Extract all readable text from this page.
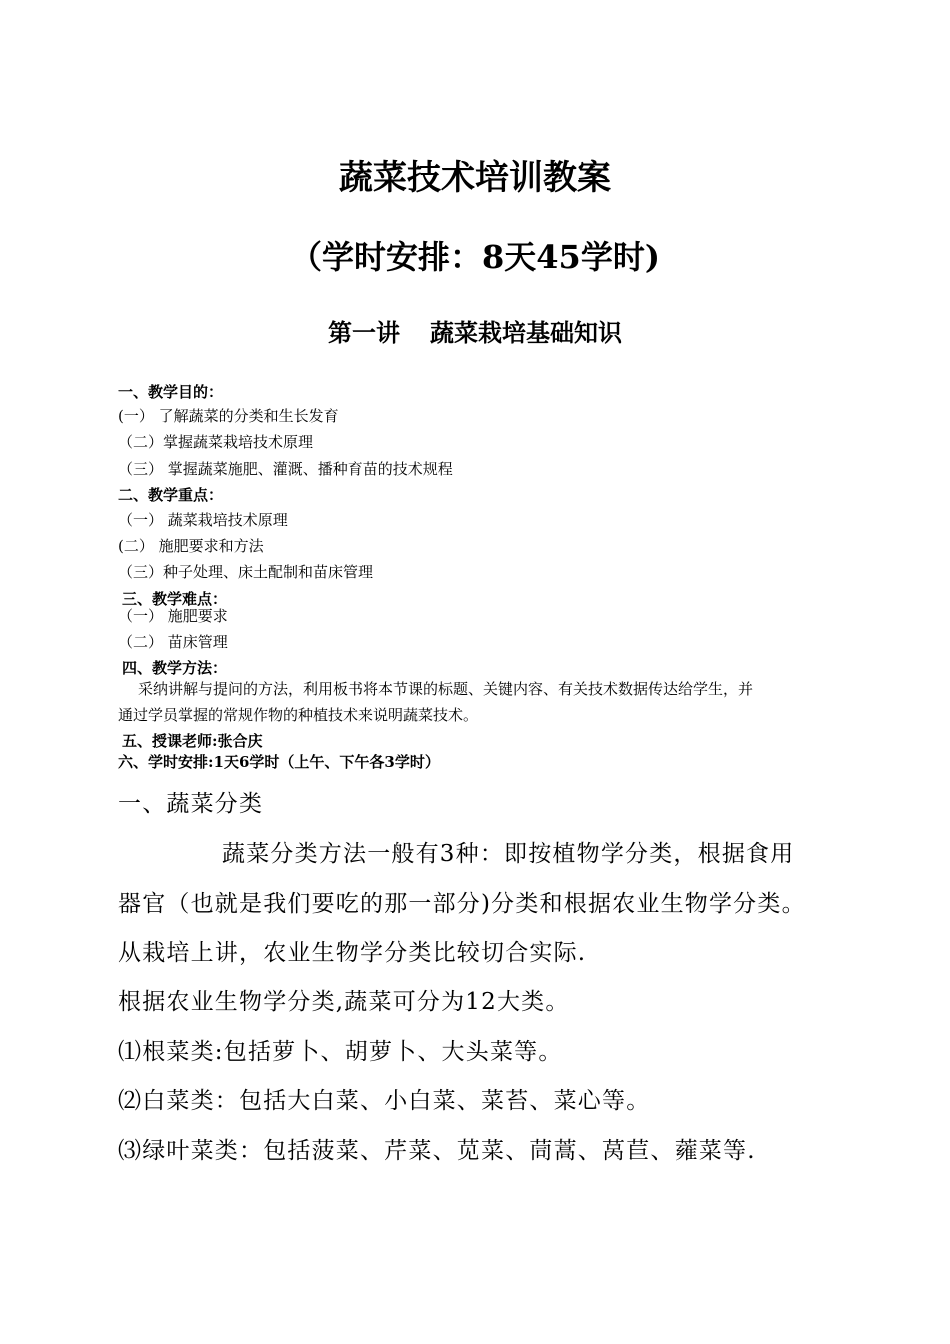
蔬菜技术培训教案
（学时安排：8天45学时)
第一讲 蔬菜栽培基础知识
一、教学目的：
(一） 了解蔬菜的分类和生长发育
（二）掌握蔬菜栽培技术原理
（三） 掌握蔬菜施肥、灌溉、播种育苗的技术规程
二、教学重点：
（一） 蔬菜栽培技术原理
(二） 施肥要求和方法
（三）种子处理、床土配制和苗床管理
三、教学难点：
（一） 施肥要求
（二） 苗床管理
四、教学方法：
采纳讲解与提问的方法，利用板书将本节课的标题、关键内容、有关技术数据传达给学生，并
通过学员掌握的常规作物的种植技术来说明蔬菜技术。
五、授课老师:张合庆
六、学时安排:1天6学时（上午、下午各3学时）
一、蔬菜分类
蔬菜分类方法一般有3种：即按植物学分类，根据食用
器官（也就是我们要吃的那一部分)分类和根据农业生物学分类。
从栽培上讲，农业生物学分类比较切合实际.
根据农业生物学分类,蔬菜可分为12大类。
⑴根菜类:包括萝卜、胡萝卜、大头菜等。
⑵白菜类：包括大白菜、小白菜、菜苔、菜心等。
⑶绿叶菜类：包括菠菜、芹菜、苋菜、茼蒿、莴苣、蕹菜等.
